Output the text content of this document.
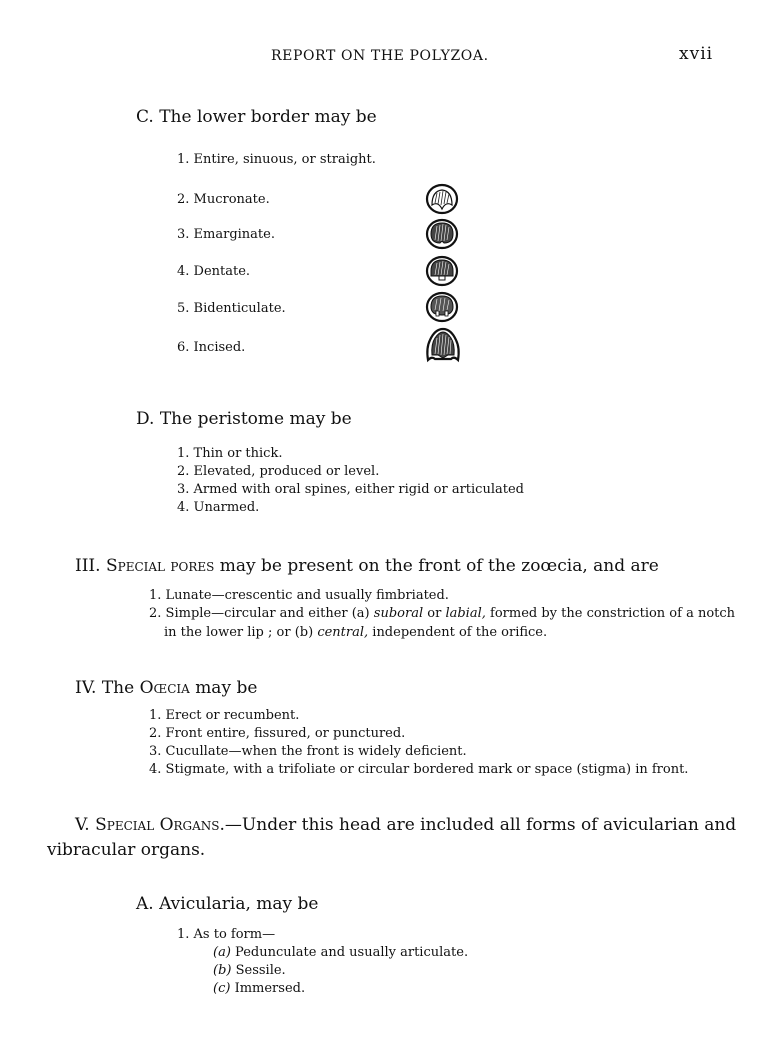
REPORT ON THE POLYZOA.	xvii
C. The lower border may be
1. Entire, sinuous, or straight.
2. Mucronate.
3. Emarginate.
4. Dentate.
5. Bidenticulate.
6. Incised.
D. The peristome may be
1. Thin or thick.
2. Elevated, produced or level.
3. Armed with oral spines, either rigid or articulated
4. Unarmed.
III. Special pores may be present on the front of the zoœcia, and are
1. Lunate—crescentic and usually fimbriated.
2. Simple—circular and either (a) suboral or labial, formed by the constriction of a notch
in the lower lip ; or (b) central, independent of the orifice.
IV. The Oœcia may be
1. Erect or recumbent.
2. Front entire, fissured, or punctured.
3. Cucullate—when the front is widely deficient.
4. Stigmate, with a trifoliate or circular bordered mark or space (stigma) in front.
V. Special Organs.—Under this head are included all forms of avicularian and
vibracular organs.
A. Avicularia, may be
1. As to form—
(a) Pedunculate and usually articulate.
(b) Sessile.
(c) Immersed.
